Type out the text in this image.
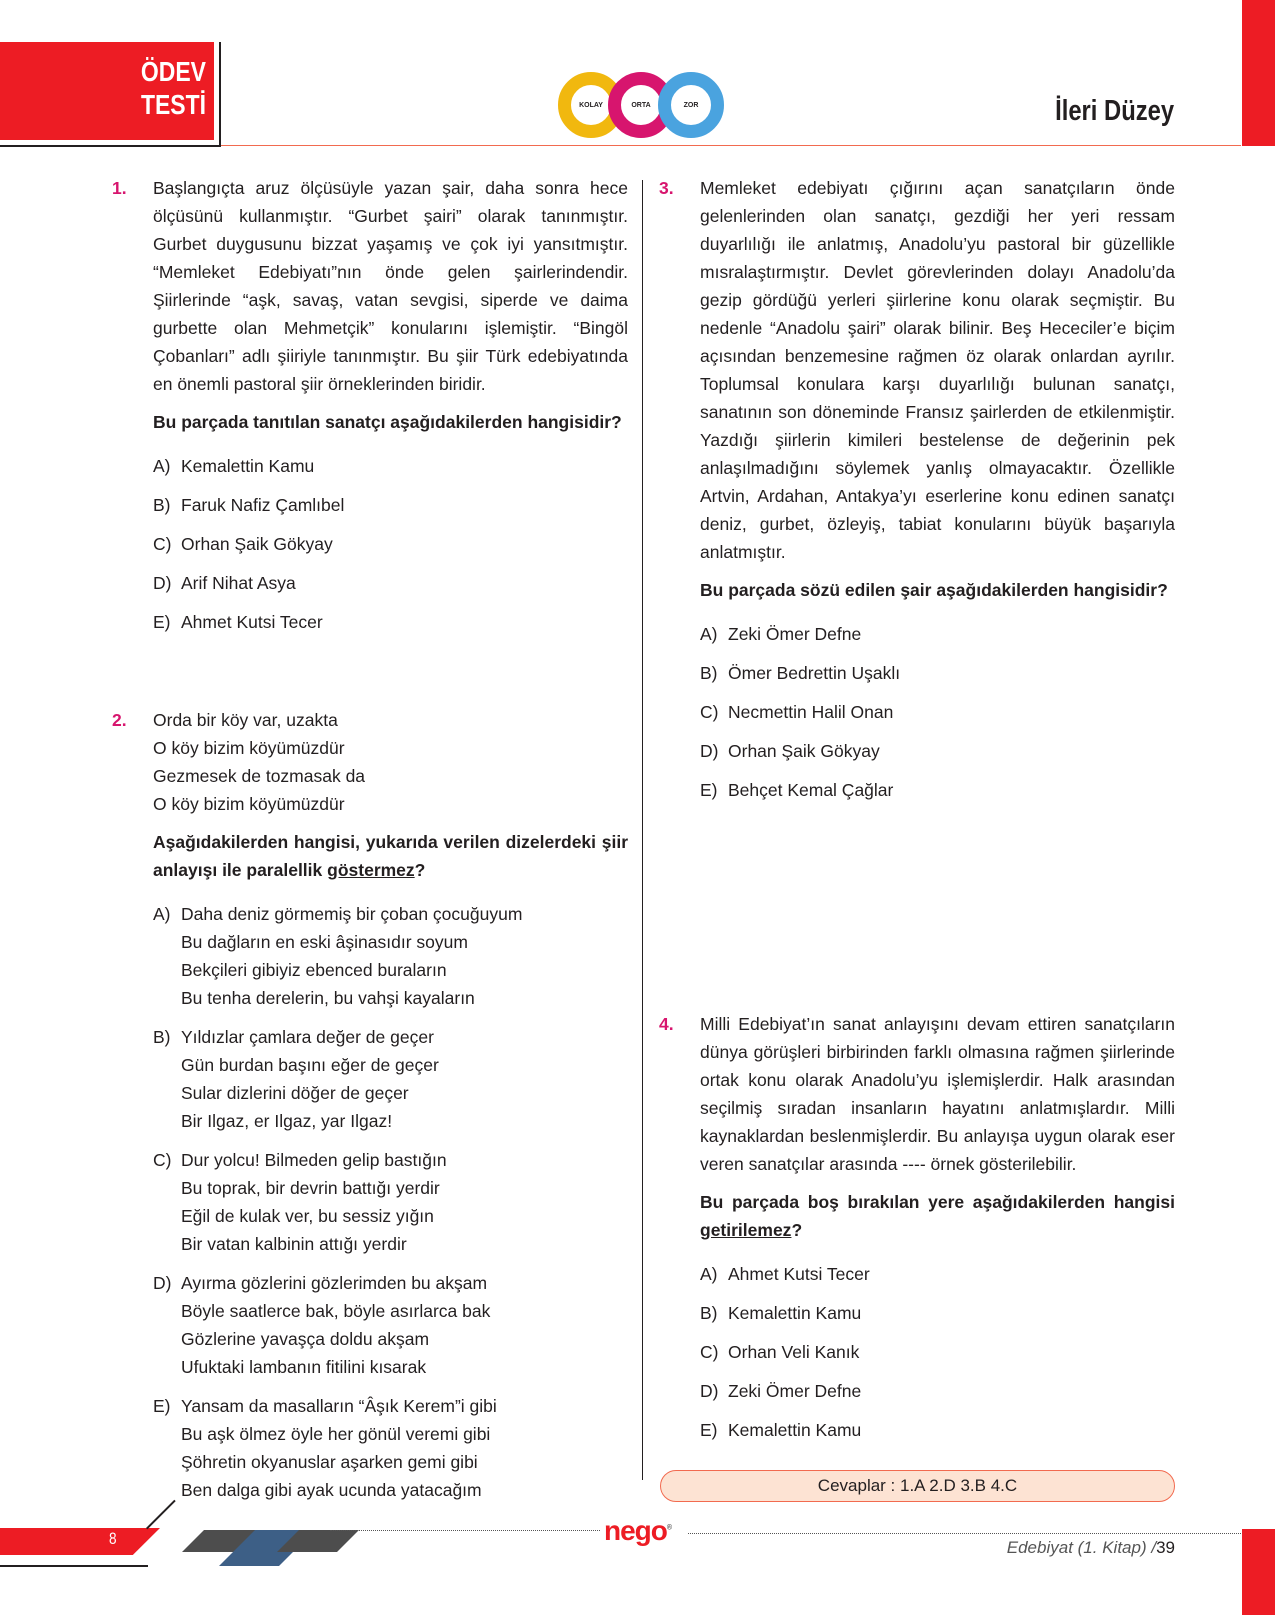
ÖDEV
TESTİ	KOLAY	ORTA	ZOR	İleri Düzey
1. Başlangıçta aruz ölçüsüyle yazan şair, daha sonra hece ölçüsünü kullanmıştır. “Gurbet şairi” olarak tanınmıştır. Gurbet duygusunu bizzat yaşamış ve çok iyi yansıtmıştır. “Memleket Edebiyatı”nın önde gelen şairlerindendir. Şiirlerinde “aşk, savaş, vatan sevgisi, siperde ve daima gurbette olan Mehmetçik” konularını işlemiştir. “Bingöl Çobanları” adlı şiiriyle tanınmıştır. Bu şiir Türk edebiyatında en önemli pastoral şiir örneklerinden biridir.
Bu parçada tanıtılan sanatçı aşağıdakilerden hangisidir?
A) Kemalettin Kamu
B) Faruk Nafiz Çamlıbel
C) Orhan Şaik Gökyay
D) Arif Nihat Asya
E) Ahmet Kutsi Tecer
2. Orda bir köy var, uzakta
O köy bizim köyümüzdür
Gezmesek de tozmasak da
O köy bizim köyümüzdür
Aşağıdakilerden hangisi, yukarıda verilen dizelerdeki şiir anlayışı ile paralellik göstermez?
A) Daha deniz görmemiş bir çoban çocuğuyum
Bu dağların en eski âşinasıdır soyum
Bekçileri gibiyiz ebenced buraların
Bu tenha derelerin, bu vahşi kayaların
B) Yıldızlar çamlara değer de geçer
Gün burdan başını eğer de geçer
Sular dizlerini döğer de geçer
Bir Ilgaz, er Ilgaz, yar Ilgaz!
C) Dur yolcu! Bilmeden gelip bastığın
Bu toprak, bir devrin battığı yerdir
Eğil de kulak ver, bu sessiz yığın
Bir vatan kalbinin attığı yerdir
D) Ayırma gözlerini gözlerimden bu akşam
Böyle saatlerce bak, böyle asırlarca bak
Gözlerine yavaşça doldu akşam
Ufuktaki lambanın fitilini kısarak
E) Yansam da masalların “Âşık Kerem”i gibi
Bu aşk ölmez öyle her gönül veremi gibi
Şöhretin okyanuslar aşarken gemi gibi
Ben dalga gibi ayak ucunda yatacağım
3. Memleket edebiyatı çığırını açan sanatçıların önde gelenlerinden olan sanatçı, gezdiği her yeri ressam duyarlılığı ile anlatmış, Anadolu’yu pastoral bir güzellikle mısralaştırmıştır. Devlet görevlerinden dolayı Anadolu’da gezip gördüğü yerleri şiirlerine konu olarak seçmiştir. Bu nedenle “Anadolu şairi” olarak bilinir. Beş Hececiler’e biçim açısından benzemesine rağmen öz olarak onlardan ayrılır. Toplumsal konulara karşı duyarlılığı bulunan sanatçı, sanatının son döneminde Fransız şairlerden de etkilenmiştir. Yazdığı şiirlerin kimileri bestelense de değerinin pek anlaşılmadığını söylemek yanlış olmayacaktır. Özellikle Artvin, Ardahan, Antakya’yı eserlerine konu edinen sanatçı deniz, gurbet, özleyiş, tabiat konularını büyük başarıyla anlatmıştır.
Bu parçada sözü edilen şair aşağıdakilerden hangisidir?
A) Zeki Ömer Defne
B) Ömer Bedrettin Uşaklı
C) Necmettin Halil Onan
D) Orhan Şaik Gökyay
E) Behçet Kemal Çağlar
4. Milli Edebiyat’ın sanat anlayışını devam ettiren sanatçıların dünya görüşleri birbirinden farklı olmasına rağmen şiirlerinde ortak konu olarak Anadolu’yu işlemişlerdir. Halk arasından seçilmiş sıradan insanların hayatını anlatmışlardır. Milli kaynaklardan beslenmişlerdir. Bu anlayışa uygun olarak eser veren sanatçılar arasında ---- örnek gösterilebilir.
Bu parçada boş bırakılan yere aşağıdakilerden hangisi getirilemez?
A) Ahmet Kutsi Tecer
B) Kemalettin Kamu
C) Orhan Veli Kanık
D) Zeki Ömer Defne
E) Kemalettin Kamu
Cevaplar : 1.A 2.D 3.B 4.C
8	nego®
Edebiyat (1. Kitap) /39
